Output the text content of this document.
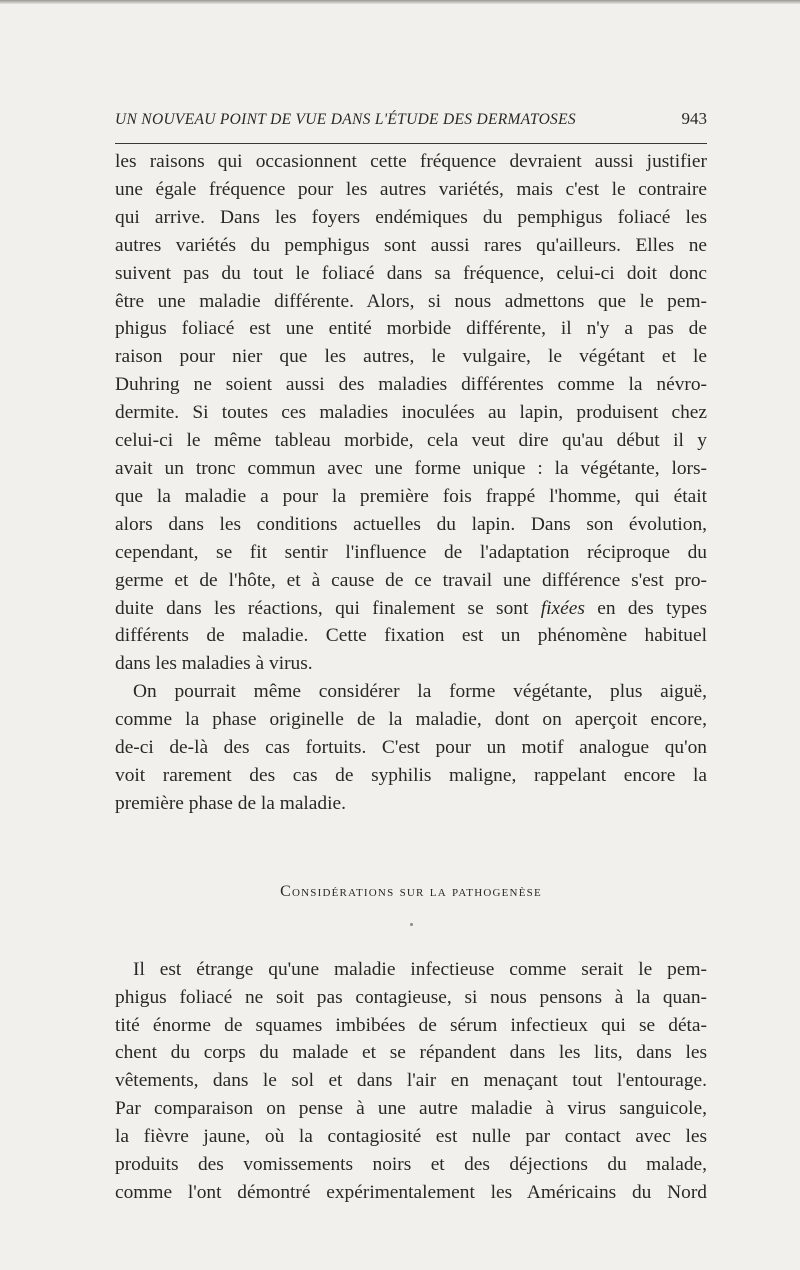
UN NOUVEAU POINT DE VUE DANS L'ÉTUDE DES DERMATOSES	943
les raisons qui occasionnent cette fréquence devraient aussi justifier
une égale fréquence pour les autres variétés, mais c'est le contraire
qui arrive. Dans les foyers endémiques du pemphigus foliacé les
autres variétés du pemphigus sont aussi rares qu'ailleurs. Elles ne
suivent pas du tout le foliacé dans sa fréquence, celui-ci doit donc
être une maladie différente. Alors, si nous admettons que le pem-
phigus foliacé est une entité morbide différente, il n'y a pas de
raison pour nier que les autres, le vulgaire, le végétant et le
Duhring ne soient aussi des maladies différentes comme la névro-
dermite. Si toutes ces maladies inoculées au lapin, produisent chez
celui-ci le même tableau morbide, cela veut dire qu'au début il y
avait un tronc commun avec une forme unique : la végétante, lors-
que la maladie a pour la première fois frappé l'homme, qui était
alors dans les conditions actuelles du lapin. Dans son évolution,
cependant, se fit sentir l'influence de l'adaptation réciproque du
germe et de l'hôte, et à cause de ce travail une différence s'est pro-
duite dans les réactions, qui finalement se sont fixées en des types
différents de maladie. Cette fixation est un phénomène habituel
dans les maladies à virus.
On pourrait même considérer la forme végétante, plus aiguë,
comme la phase originelle de la maladie, dont on aperçoit encore,
de-ci de-là des cas fortuits. C'est pour un motif analogue qu'on
voit rarement des cas de syphilis maligne, rappelant encore la
première phase de la maladie.
Considérations sur la pathogenèse
Il est étrange qu'une maladie infectieuse comme serait le pem-
phigus foliacé ne soit pas contagieuse, si nous pensons à la quan-
tité énorme de squames imbibées de sérum infectieux qui se déta-
chent du corps du malade et se répandent dans les lits, dans les
vêtements, dans le sol et dans l'air en menaçant tout l'entourage.
Par comparaison on pense à une autre maladie à virus sanguicole,
la fièvre jaune, où la contagiosité est nulle par contact avec les
produits des vomissements noirs et des déjections du malade,
comme l'ont démontré expérimentalement les Américains du Nord
